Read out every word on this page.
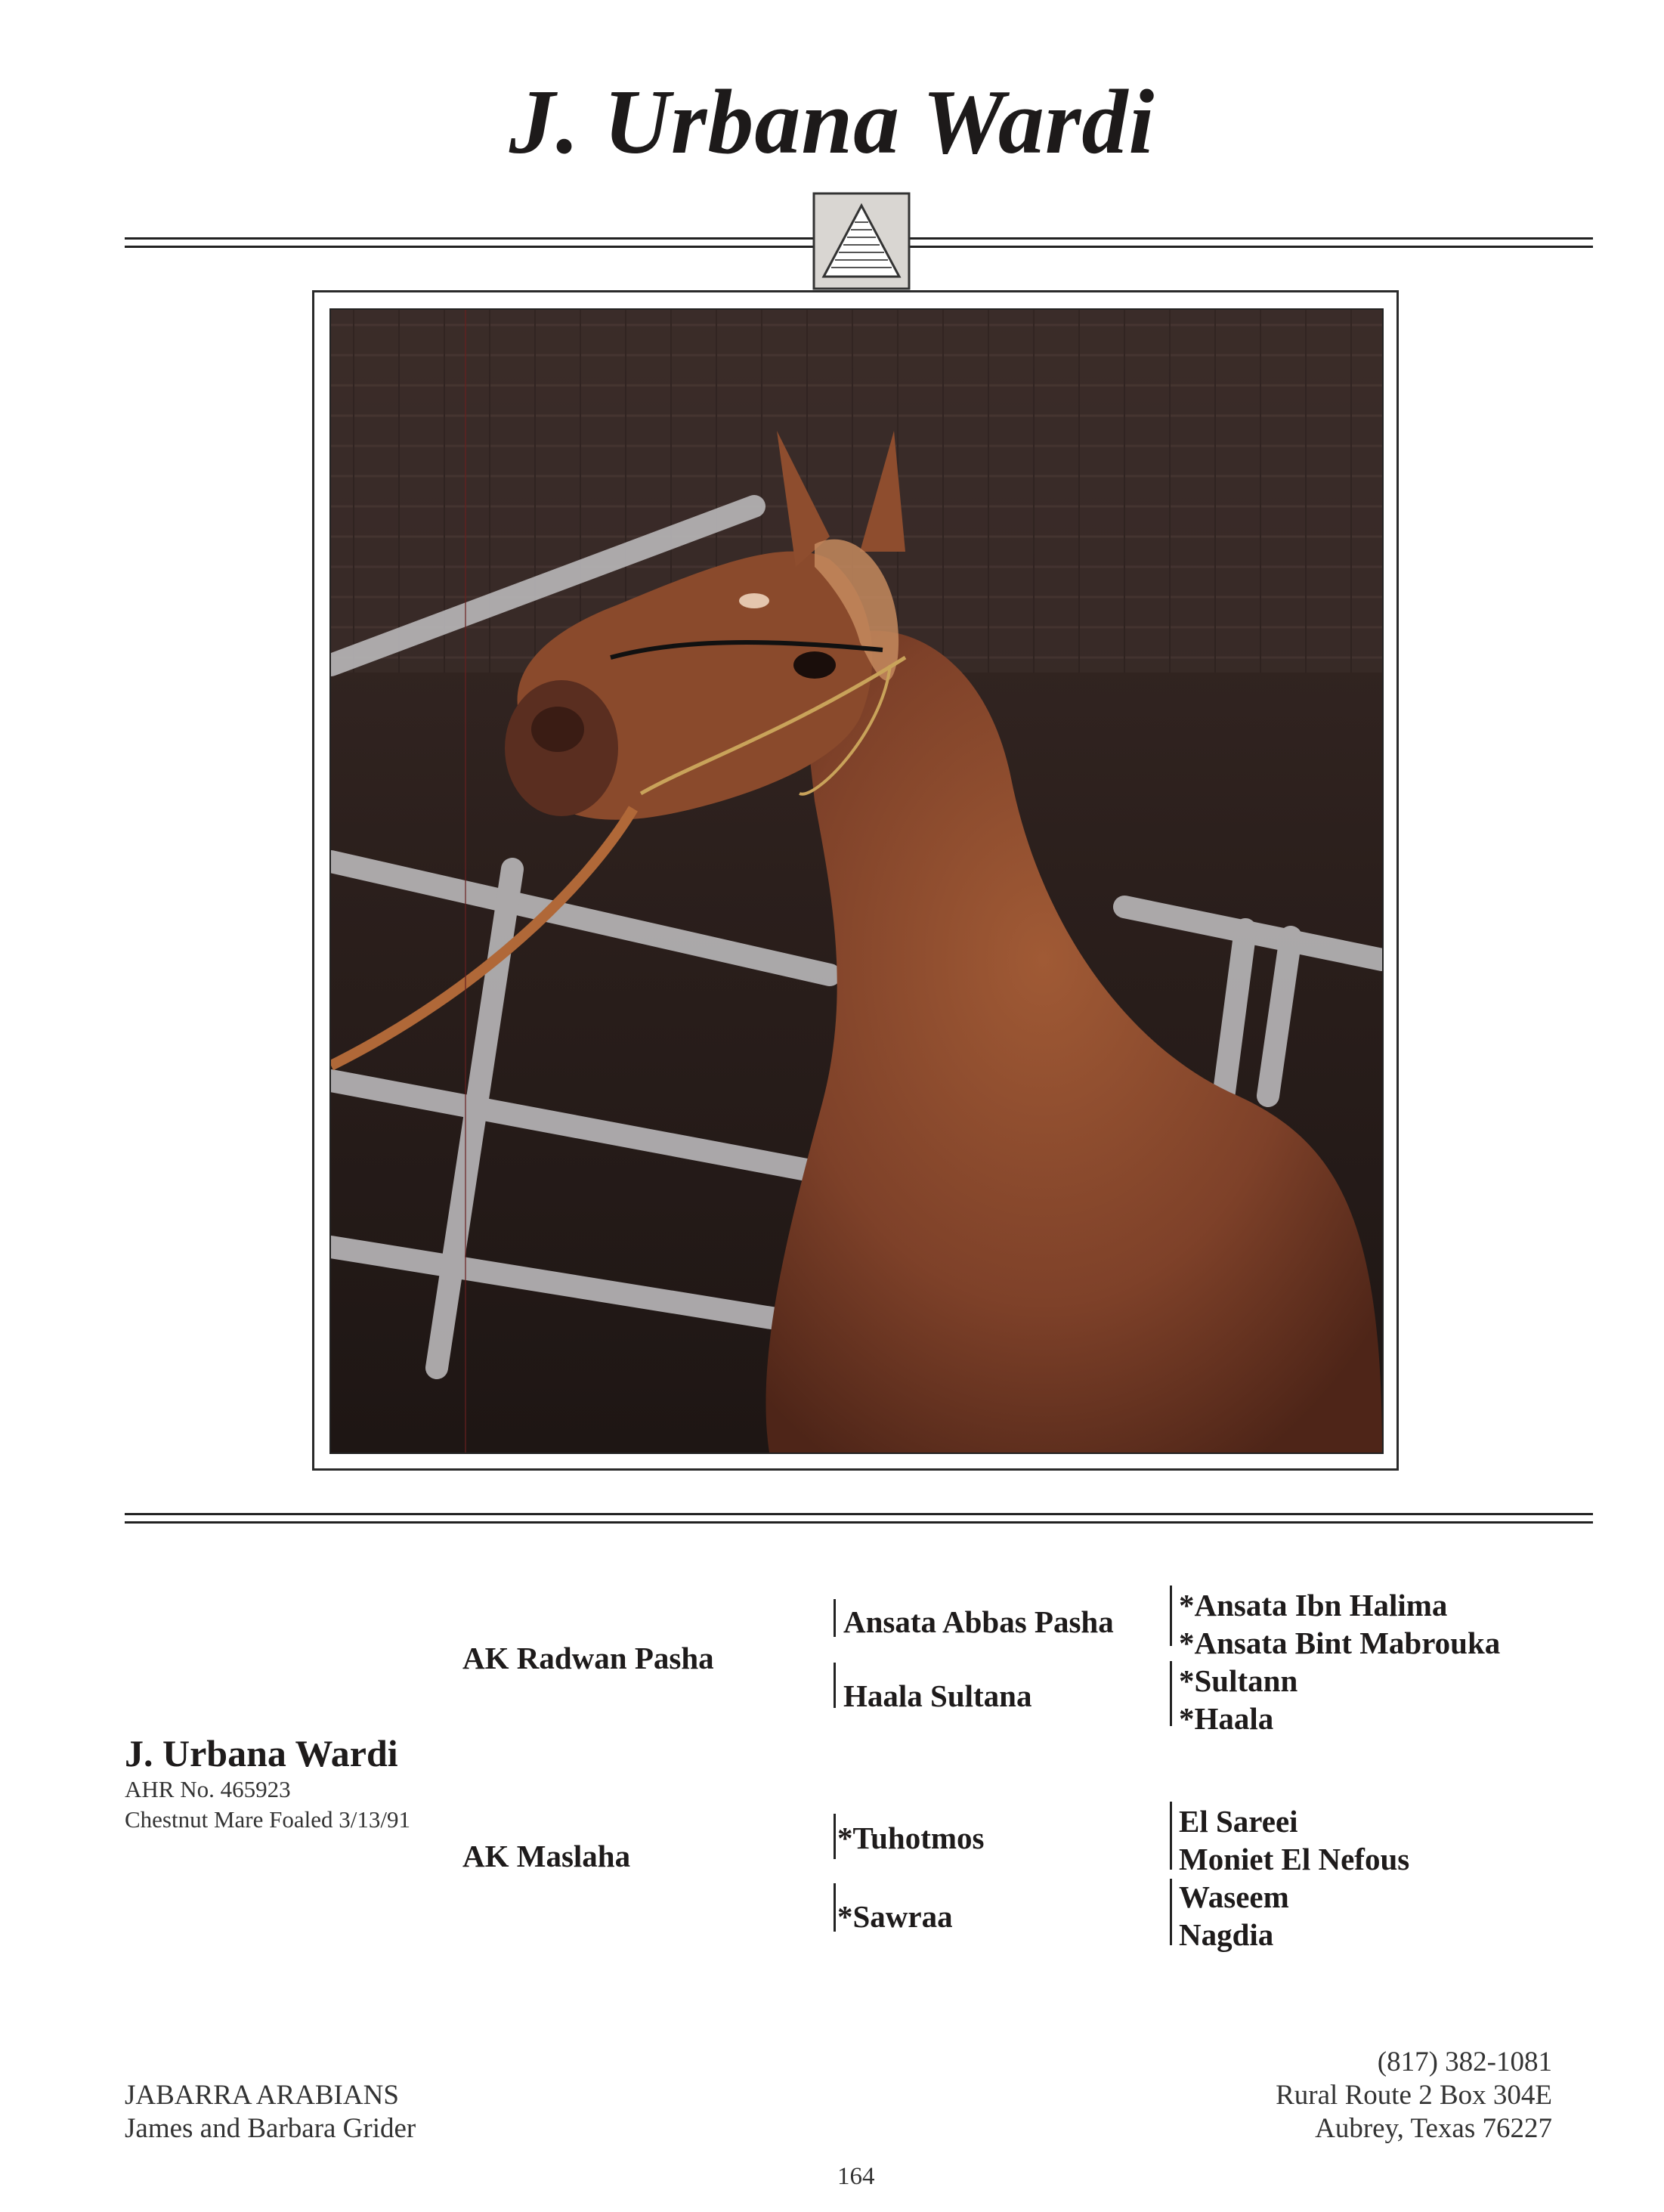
J. Urbana Wardi
J. Urbana Wardi
AHR No. 465923
Chestnut Mare Foaled 3/13/91
AK Radwan Pasha
AK Maslaha
Ansata Abbas Pasha
Haala Sultana
*Tuhotmos
*Sawraa
*Ansata Ibn Halima
*Ansata Bint Mabrouka
*Sultann
*Haala
El Sareei
Moniet El Nefous
Waseem
Nagdia
JABARRA ARABIANS
James and Barbara Grider
(817) 382-1081
Rural Route 2 Box 304E
Aubrey, Texas 76227
164
